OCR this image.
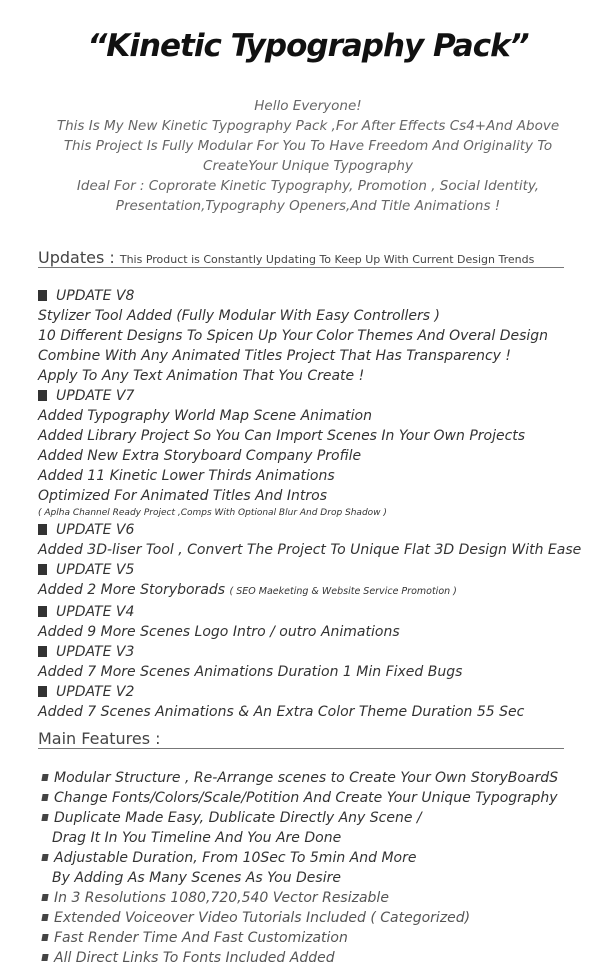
“Kinetic Typography Pack”
Hello Everyone!
This Is My New Kinetic Typography Pack ,For After Effects Cs4+And Above
This Project Is Fully Modular For You To Have Freedom And Originality To
CreateYour Unique Typography
Ideal For : Coprorate Kinetic Typography, Promotion , Social Identity,
Presentation,Typography Openers,And Title Animations !
Updates : This Product is Constantly Updating To Keep Up With Current Design Trends
UPDATE V8
Stylizer Tool Added (Fully Modular With Easy Controllers )
10 Different Designs To Spicen Up Your Color Themes And Overal Design
Combine With Any Animated Titles Project That Has Transparency !
Apply To Any Text Animation That You Create !
UPDATE V7
Added Typography World Map Scene Animation
Added Library Project So You Can Import Scenes In Your Own Projects
Added New Extra Storyboard Company Profile
Added 11 Kinetic Lower Thirds Animations
Optimized For Animated Titles And Intros
( Aplha Channel Ready Project ,Comps With Optional Blur And Drop Shadow )
UPDATE V6
Added 3D-liser Tool , Convert The Project To Unique Flat 3D Design With Ease
UPDATE V5
Added 2 More Storyborads ( SEO Maeketing & Website Service Promotion )
UPDATE V4
Added 9 More Scenes Logo Intro / outro Animations
UPDATE V3
Added 7 More Scenes Animations Duration 1 Min Fixed Bugs
UPDATE V2
Added 7 Scenes Animations & An Extra Color Theme Duration 55 Sec
Main Features :
Modular Structure , Re-Arrange scenes to Create Your Own StoryBoardS
Change Fonts/Colors/Scale/Potition And Create Your Unique Typography
Duplicate Made Easy, Dublicate Directly Any Scene /
Drag It In You Timeline And You Are Done
Adjustable Duration, From 10Sec To 5min And More
By Adding As Many Scenes As You Desire
In 3 Resolutions 1080,720,540 Vector Resizable
Extended Voiceover Video Tutorials Included ( Categorized)
Fast Render Time And Fast Customization
All Direct Links To Fonts Included Added
